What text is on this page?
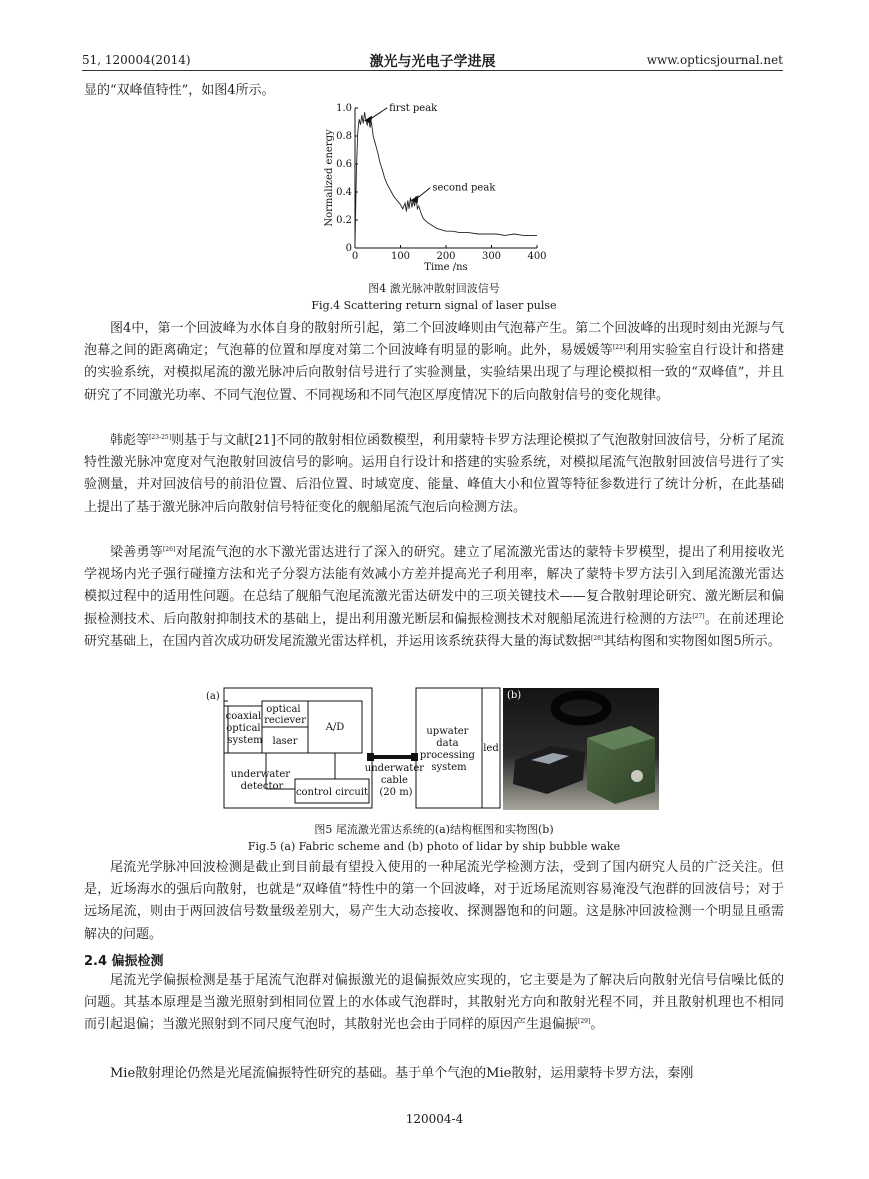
51, 120004(2014)	激光与光电子学进展	www.opticsjournal.net

显的“双峰值特性”，如图4所示。

0	100	200	300	400
0
0.2
0.4
0.6
0.8
1.0
Time /ns
Normalized energy
first peak
second peak

图4 激光脉冲散射回波信号

Fig.4 Scattering return signal of laser pulse

图4中，第一个回波峰为水体自身的散射所引起，第二个回波峰则由气泡幕产生。第二个回波峰的出现时刻由光源与气泡幕之间的距离确定；气泡幕的位置和厚度对第二个回波峰有明显的影响。此外，易媛媛等[22]利用实验室自行设计和搭建的实验系统，对模拟尾流的激光脉冲后向散射信号进行了实验测量，实验结果出现了与理论模拟相一致的“双峰值”，并且研究了不同激光功率、不同气泡位置、不同视场和不同气泡区厚度情况下的后向散射信号的变化规律。

韩彪等[23-25]则基于与文献[21]不同的散射相位函数模型，利用蒙特卡罗方法理论模拟了气泡散射回波信号，分析了尾流特性激光脉冲宽度对气泡散射回波信号的影响。运用自行设计和搭建的实验系统，对模拟尾流气泡散射回波信号进行了实验测量，并对回波信号的前沿位置、后沿位置、时域宽度、能量、峰值大小和位置等特征参数进行了统计分析，在此基础上提出了基于激光脉冲后向散射信号特征变化的舰船尾流气泡后向检测方法。

梁善勇等[26]对尾流气泡的水下激光雷达进行了深入的研究。建立了尾流激光雷达的蒙特卡罗模型，提出了利用接收光学视场内光子强行碰撞方法和光子分裂方法能有效减小方差并提高光子利用率，解决了蒙特卡罗方法引入到尾流激光雷达模拟过程中的适用性问题。在总结了舰船气泡尾流激光雷达研发中的三项关键技术——复合散射理论研究、激光断层和偏振检测技术、后向散射抑制技术的基础上，提出利用激光断层和偏振检测技术对舰船尾流进行检测的方法[27]。在前述理论研究基础上，在国内首次成功研发尾流激光雷达样机，并运用该系统获得大量的海试数据[28]其结构图和实物图如图5所示。

(a)
coaxial optical system
optical reciever
laser
A/D
underwater detector
control circuit
underwater cable (20 m)
upwater data processing system
led
(b)

图5 尾流激光雷达系统的(a)结构框图和实物图(b)

Fig.5 (a) Fabric scheme and (b) photo of lidar by ship bubble wake

尾流光学脉冲回波检测是截止到目前最有望投入使用的一种尾流光学检测方法，受到了国内研究人员的广泛关注。但是，近场海水的强后向散射，也就是“双峰值”特性中的第一个回波峰，对于近场尾流则容易淹没气泡群的回波信号；对于远场尾流，则由于两回波信号数量级差别大，易产生大动态接收、探测器饱和的问题。这是脉冲回波检测一个明显且亟需解决的问题。

2.4 偏振检测

尾流光学偏振检测是基于尾流气泡群对偏振激光的退偏振效应实现的，它主要是为了解决后向散射光信号信噪比低的问题。其基本原理是当激光照射到相同位置上的水体或气泡群时，其散射光方向和散射光程不同，并且散射机理也不相同而引起退偏；当激光照射到不同尺度气泡时，其散射光也会由于同样的原因产生退偏振[29]。

Mie散射理论仍然是光尾流偏振特性研究的基础。基于单个气泡的Mie散射，运用蒙特卡罗方法，秦刚

120004-4
